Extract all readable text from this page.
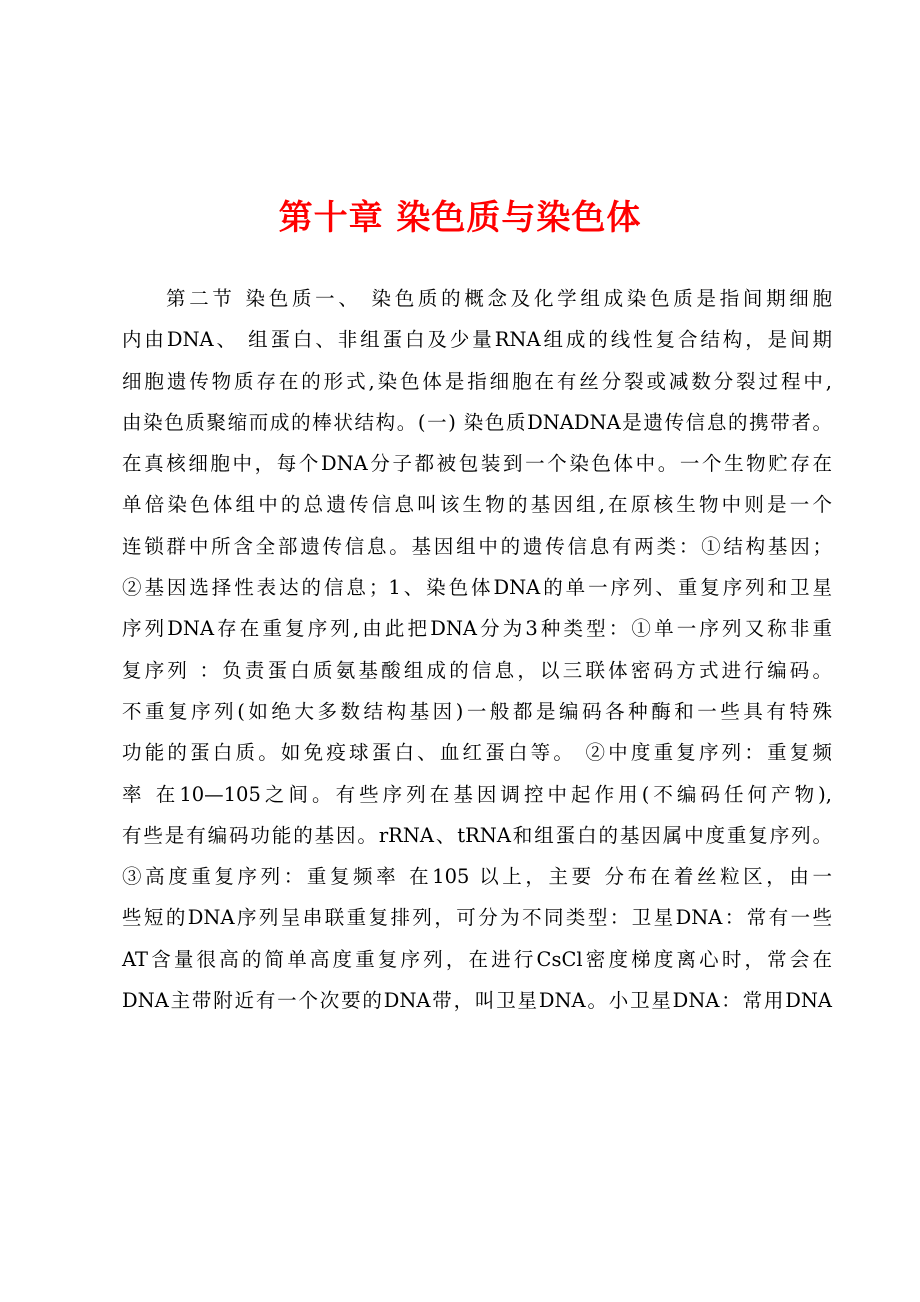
第十章 染色质与染色体
第二节 染色质一、 染色质的概念及化学组成染色质是指间期细胞
内由DNA、 组蛋白、非组蛋白及少量RNA组成的线性复合结构，是间期
细胞遗传物质存在的形式,染色体是指细胞在有丝分裂或减数分裂过程中,
由染色质聚缩而成的棒状结构。(一) 染色质DNADNA是遗传信息的携带者。
在真核细胞中，每个DNA分子都被包装到一个染色体中。一个生物贮存在
单倍染色体组中的总遗传信息叫该生物的基因组,在原核生物中则是一个
连锁群中所含全部遗传信息。基因组中的遗传信息有两类：①结构基因；
②基因选择性表达的信息；1、染色体DNA的单一序列、重复序列和卫星
序列DNA存在重复序列,由此把DNA分为3种类型：①单一序列又称非重
复序列 ：负责蛋白质氨基酸组成的信息，以三联体密码方式进行编码。
不重复序列(如绝大多数结构基因)一般都是编码各种酶和一些具有特殊
功能的蛋白质。如免疫球蛋白、血红蛋白等。 ②中度重复序列：重复频
率 在10—105之间。有些序列在基因调控中起作用(不编码任何产物),
有些是有编码功能的基因。rRNA、tRNA和组蛋白的基因属中度重复序列。
③高度重复序列：重复频率 在105 以上，主要 分布在着丝粒区，由一
些短的DNA序列呈串联重复排列，可分为不同类型：卫星DNA：常有一些
AT含量很高的简单高度重复序列，在进行CsCl密度梯度离心时，常会在
DNA主带附近有一个次要的DNA带，叫卫星DNA。小卫星DNA：常用DNA
